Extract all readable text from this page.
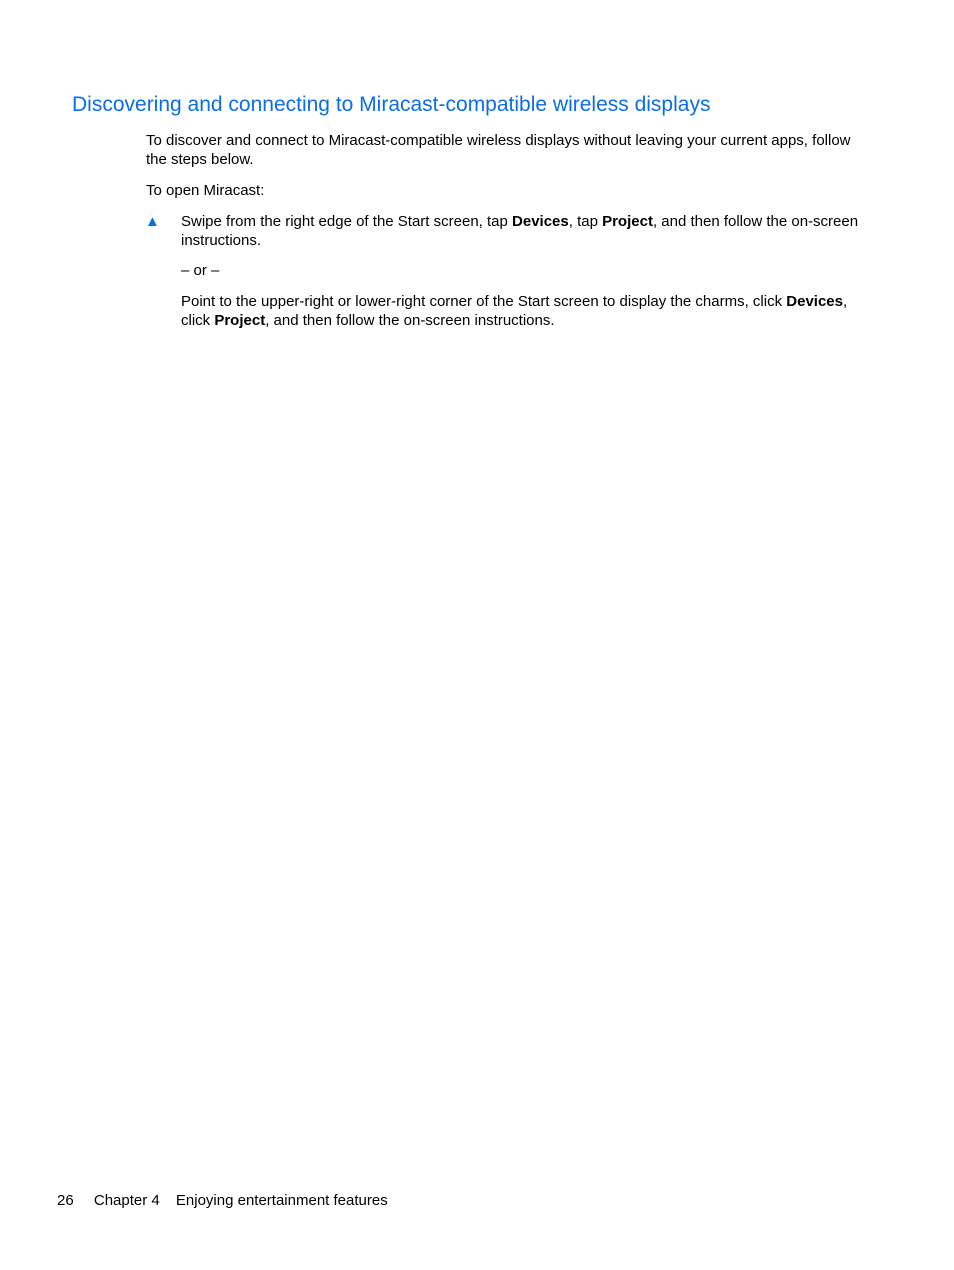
Discovering and connecting to Miracast-compatible wireless displays

To discover and connect to Miracast-compatible wireless displays without leaving your current apps, follow the steps below.

To open Miracast:

▲ Swipe from the right edge of the Start screen, tap Devices, tap Project, and then follow the on-screen instructions.

– or –

Point to the upper-right or lower-right corner of the Start screen to display the charms, click Devices, click Project, and then follow the on-screen instructions.

26 Chapter 4 Enjoying entertainment features
